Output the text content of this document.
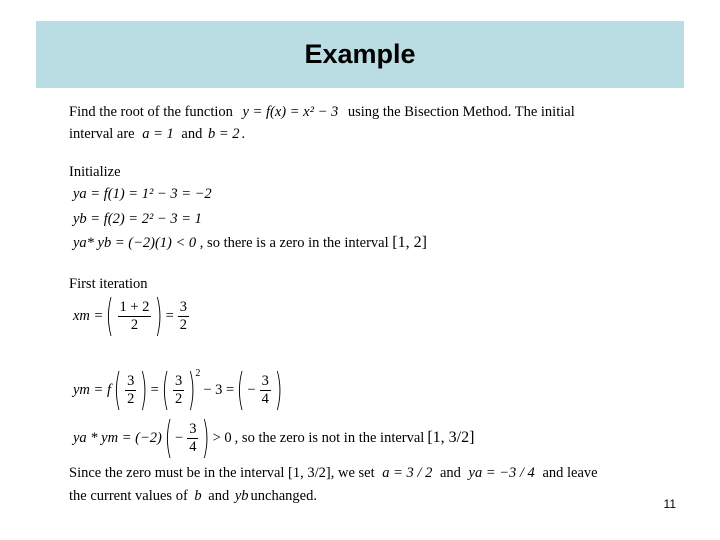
Example
Find the root of the function y = f(x) = x² − 3 using the Bisection Method. The initial
interval are a = 1 and b = 2 .
Initialize
ya = f(1) = 1² − 3 = −2
yb = f(2) = 2² − 3 = 1
ya* yb = (−2)(1) < 0 , so there is a zero in the interval [1, 2]
First iteration
xm = ( $\frac{1 + 2}{2}$ ) = $\frac{3}{2}$
ym = f ( $\frac{3}{2}$ ) = ( $\frac{3}{2} )^2$
− 3 = ( − $\frac{3}{4}$ )
ya * ym = (−2) ( − $\frac{3}{4}$ ) > 0 , so the zero is not in the interval [1, 3/2]
Since the zero must be in the interval [1, 3/2], we set a = 3 / 2 and ya = −3 / 4 and leave
the current values of b and yb unchanged.	11
